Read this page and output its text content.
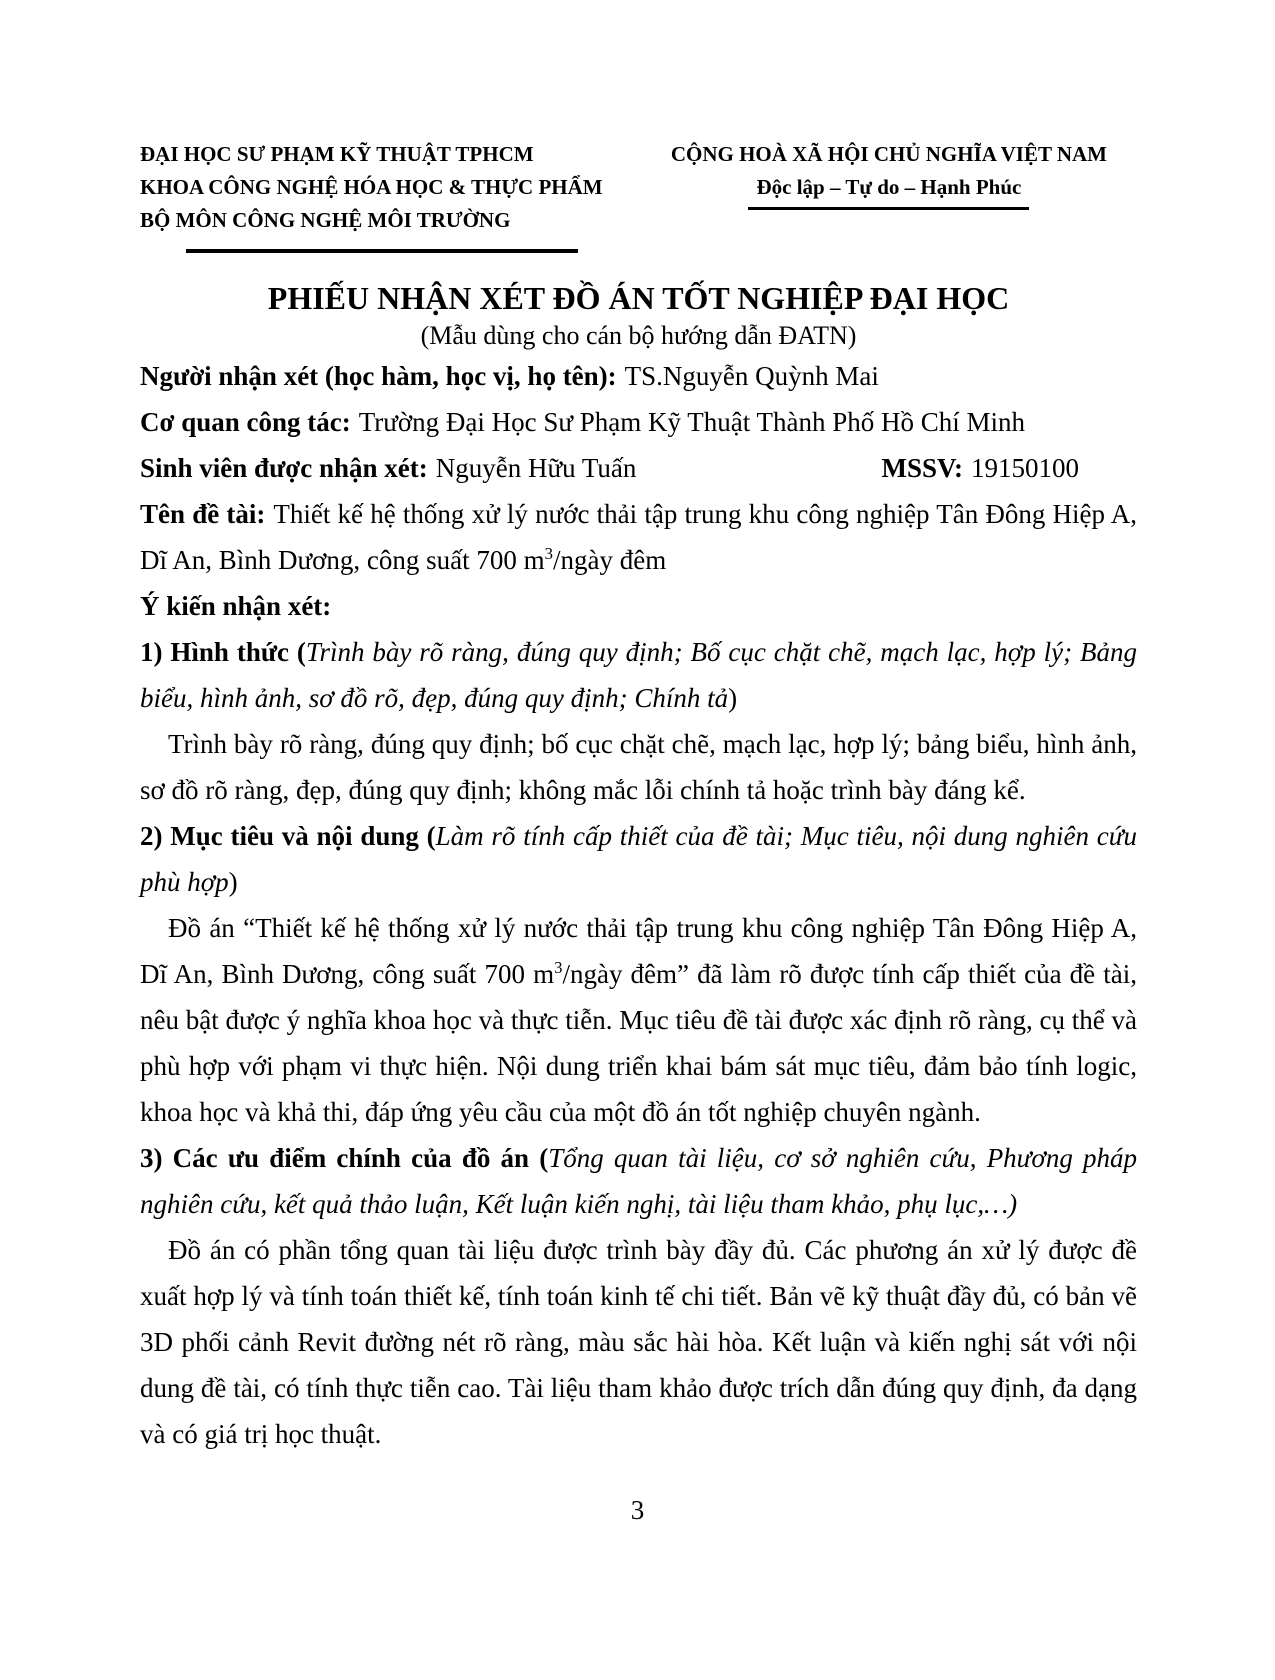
ĐẠI HỌC SƯ PHẠM KỸ THUẬT TPHCM
KHOA CÔNG NGHỆ HÓA HỌC & THỰC PHẨM
BỘ MÔN CÔNG NGHỆ MÔI TRƯỜNG
CỘNG HOÀ XÃ HỘI CHỦ NGHĨA VIỆT NAM
Độc lập – Tự do – Hạnh Phúc
PHIẾU NHẬN XÉT ĐỒ ÁN TỐT NGHIỆP ĐẠI HỌC
(Mẫu dùng cho cán bộ hướng dẫn ĐATN)
Người nhận xét (học hàm, học vị, họ tên): TS.Nguyễn Quỳnh Mai
Cơ quan công tác: Trường Đại Học Sư Phạm Kỹ Thuật Thành Phố Hồ Chí Minh
Sinh viên được nhận xét: Nguyễn Hữu Tuấn	MSSV: 19150100
Tên đề tài: Thiết kế hệ thống xử lý nước thải tập trung khu công nghiệp Tân Đông Hiệp A, Dĩ An, Bình Dương, công suất 700 $m^3$/ngày đêm
Ý kiến nhận xét:
1) Hình thức (Trình bày rõ ràng, đúng quy định; Bố cục chặt chẽ, mạch lạc, hợp lý; Bảng biểu, hình ảnh, sơ đồ rõ, đẹp, đúng quy định; Chính tả)
Trình bày rõ ràng, đúng quy định; bố cục chặt chẽ, mạch lạc, hợp lý; bảng biểu, hình ảnh, sơ đồ rõ ràng, đẹp, đúng quy định; không mắc lỗi chính tả hoặc trình bày đáng kể.
2) Mục tiêu và nội dung (Làm rõ tính cấp thiết của đề tài; Mục tiêu, nội dung nghiên cứu phù hợp)
Đồ án “Thiết kế hệ thống xử lý nước thải tập trung khu công nghiệp Tân Đông Hiệp A, Dĩ An, Bình Dương, công suất 700 $m^3$/ngày đêm” đã làm rõ được tính cấp thiết của đề tài, nêu bật được ý nghĩa khoa học và thực tiễn. Mục tiêu đề tài được xác định rõ ràng, cụ thể và phù hợp với phạm vi thực hiện. Nội dung triển khai bám sát mục tiêu, đảm bảo tính logic, khoa học và khả thi, đáp ứng yêu cầu của một đồ án tốt nghiệp chuyên ngành.
3) Các ưu điểm chính của đồ án (Tổng quan tài liệu, cơ sở nghiên cứu, Phương pháp nghiên cứu, kết quả thảo luận, Kết luận kiến nghị, tài liệu tham khảo, phụ lục,…)
Đồ án có phần tổng quan tài liệu được trình bày đầy đủ. Các phương án xử lý được đề xuất hợp lý và tính toán thiết kế, tính toán kinh tế chi tiết. Bản vẽ kỹ thuật đầy đủ, có bản vẽ 3D phối cảnh Revit đường nét rõ ràng, màu sắc hài hòa. Kết luận và kiến nghị sát với nội dung đề tài, có tính thực tiễn cao. Tài liệu tham khảo được trích dẫn đúng quy định, đa dạng và có giá trị học thuật.
3
